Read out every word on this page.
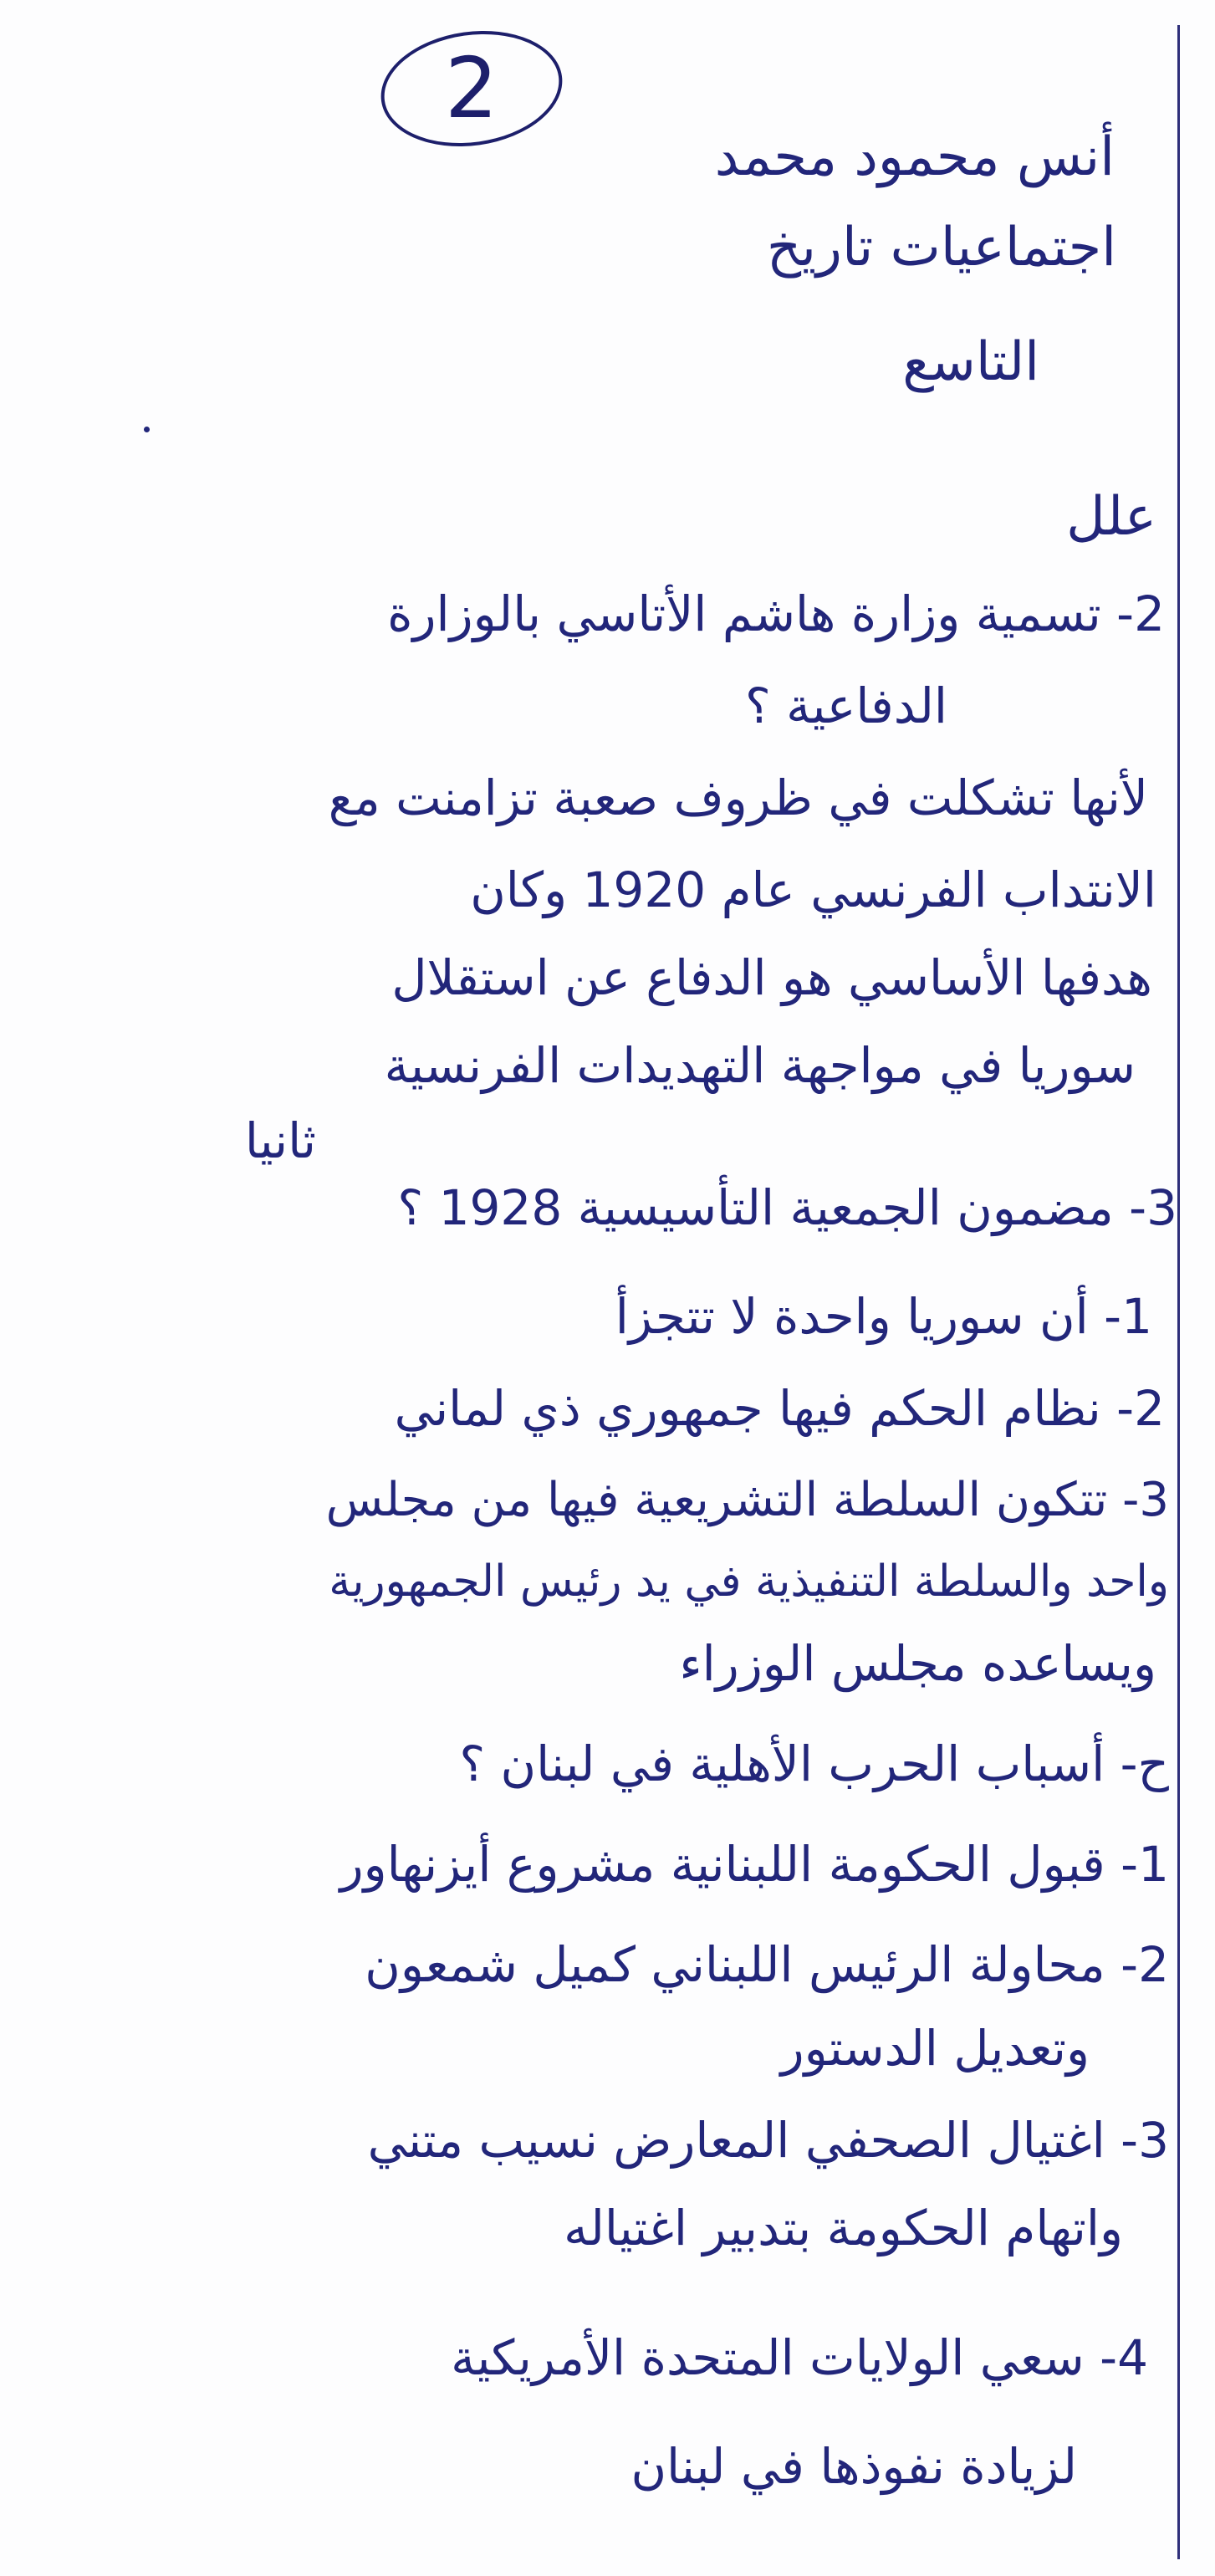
2
أنس محمود محمد
اجتماعيات تاريخ
التاسع
علل
2- تسمية وزارة هاشم الأتاسي بالوزارة
الدفاعية ؟
لأنها تشكلت في ظروف صعبة تزامنت مع
الانتداب الفرنسي عام 1920 وكان
هدفها الأساسي هو الدفاع عن استقلال
سوريا في مواجهة التهديدات الفرنسية
ثانيا
3- مضمون الجمعية التأسيسية 1928 ؟
1- أن سوريا واحدة لا تتجزأ
2- نظام الحكم فيها جمهوري ذي لماني
3- تتكون السلطة التشريعية فيها من مجلس
واحد والسلطة التنفيذية في يد رئيس الجمهورية
ويساعده مجلس الوزراء
ح- أسباب الحرب الأهلية في لبنان ؟
1- قبول الحكومة اللبنانية مشروع أيزنهاور
2- محاولة الرئيس اللبناني كميل شمعون
وتعديل الدستور
3- اغتيال الصحفي المعارض نسيب متني
واتهام الحكومة بتدبير اغتياله
4- سعي الولايات المتحدة الأمريكية
لزيادة نفوذها في لبنان
